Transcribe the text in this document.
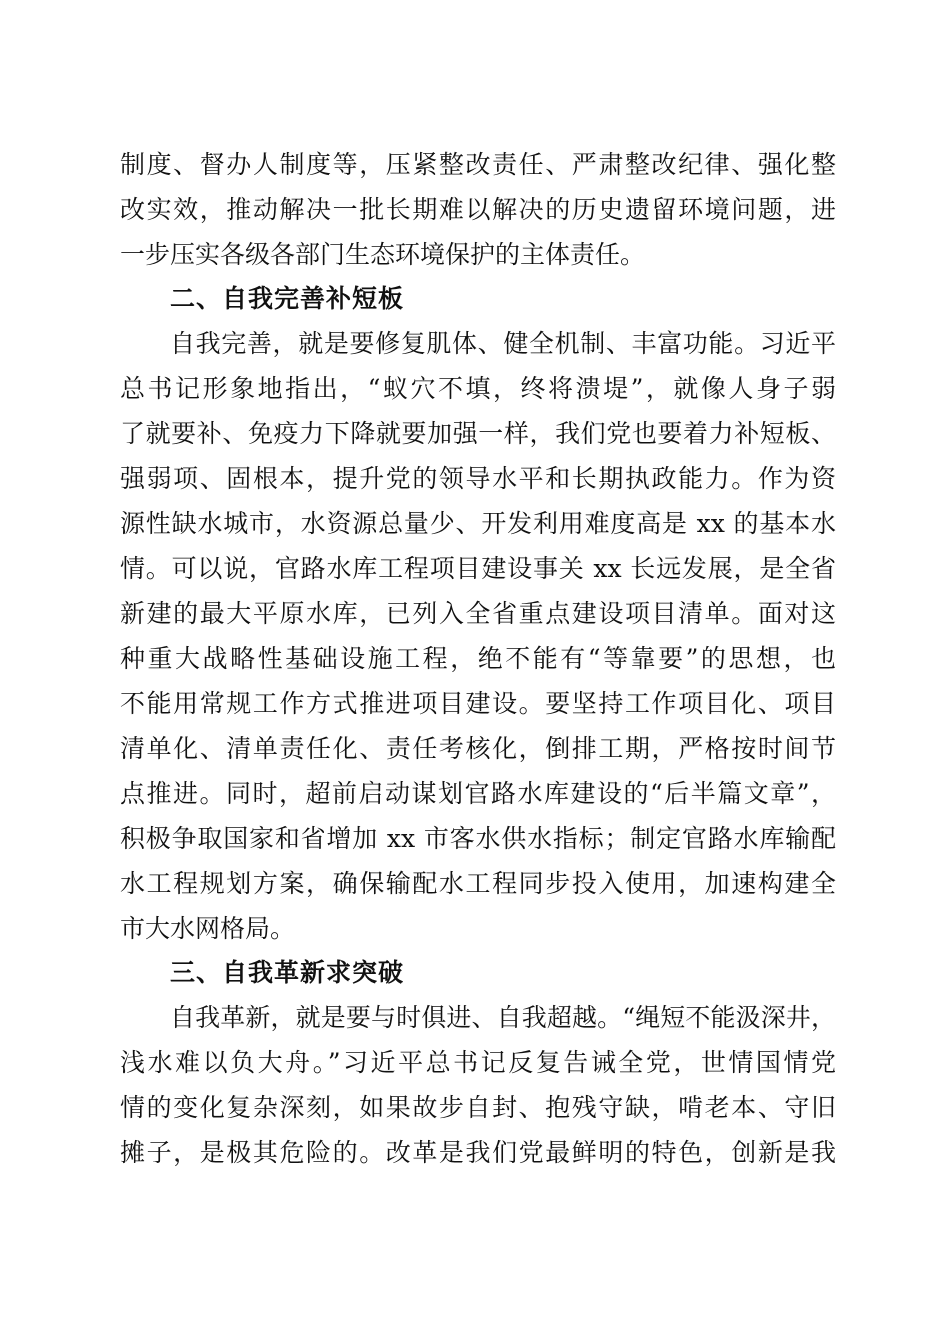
制度、督办人制度等，压紧整改责任、严肃整改纪律、强化整
改实效，推动解决一批长期难以解决的历史遗留环境问题，进
一步压实各级各部门生态环境保护的主体责任。
二、自我完善补短板
自我完善，就是要修复肌体、健全机制、丰富功能。习近平
总书记形象地指出，“蚁穴不填，终将溃堤”，就像人身子弱
了就要补、免疫力下降就要加强一样，我们党也要着力补短板、
强弱项、固根本，提升党的领导水平和长期执政能力。作为资
源性缺水城市，水资源总量少、开发利用难度高是 xx 的基本水
情。可以说，官路水库工程项目建设事关 xx 长远发展，是全省
新建的最大平原水库，已列入全省重点建设项目清单。面对这
种重大战略性基础设施工程，绝不能有“等靠要”的思想，也
不能用常规工作方式推进项目建设。要坚持工作项目化、项目
清单化、清单责任化、责任考核化，倒排工期，严格按时间节
点推进。同时，超前启动谋划官路水库建设的“后半篇文章”，
积极争取国家和省增加 xx 市客水供水指标；制定官路水库输配
水工程规划方案，确保输配水工程同步投入使用，加速构建全
市大水网格局。
三、自我革新求突破
自我革新，就是要与时俱进、自我超越。“绳短不能汲深井，
浅水难以负大舟。”习近平总书记反复告诫全党，世情国情党
情的变化复杂深刻，如果故步自封、抱残守缺，啃老本、守旧
摊子，是极其危险的。改革是我们党最鲜明的特色，创新是我
